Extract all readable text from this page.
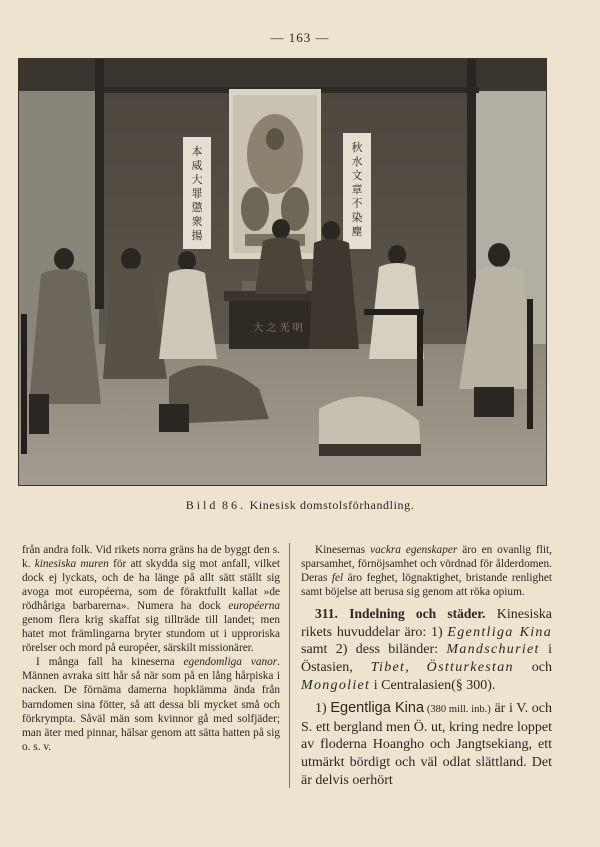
— 163 —
本
威
大
罪
懲
衆
揚
秋
水
文
章
不
染
塵
大 之 光 明
Bild 86. Kinesisk domstolsförhandling.

från andra folk. Vid rikets norra gräns ha de byggt den s. k. kinesiska muren för att skydda sig mot anfall, vilket dock ej lyckats, och de ha länge på allt sätt ställt sig avoga mot européerna, som de föraktfullt kallat »de rödhåriga barbarerna». Numera ha dock européerna genom flera krig skaffat sig tillträde till landet; men hatet mot främlingarna bryter stundom ut i upproriska rörelser och mord på européer, särskilt missionärer.

I många fall ha kineserna egendomliga vanor. Männen avraka sitt hår så när som på en lång hårpiska i nacken. De förnäma damerna hopklämma ända från barndomen sina fötter, så att dessa bli mycket små och förkrympta. Såväl män som kvinnor gå med solfjäder; man äter med pinnar, hälsar genom att sätta hatten på sig o. s. v.

Kinesernas vackra egenskaper äro en ovanlig flit, sparsamhet, förnöjsamhet och vördnad för ålderdomen. Deras fel äro feghet, lögnaktighet, bristande renlighet samt böjelse att berusa sig genom att röka opium.

311. Indelning och städer. Kinesiska rikets huvuddelar äro: 1) Egentliga Kina samt 2) dess biländer: Mandschuriet i Östasien, Tibet, Östturkestan och Mongoliet i Centralasien(§ 300).

1) Egentliga Kina (380 mill. inb.) är i V. och S. ett bergland men Ö. ut, kring nedre loppet av floderna Hoangho och Jangtsekiang, ett utmärkt bördigt och väl odlat slättland. Det är delvis oerhört
